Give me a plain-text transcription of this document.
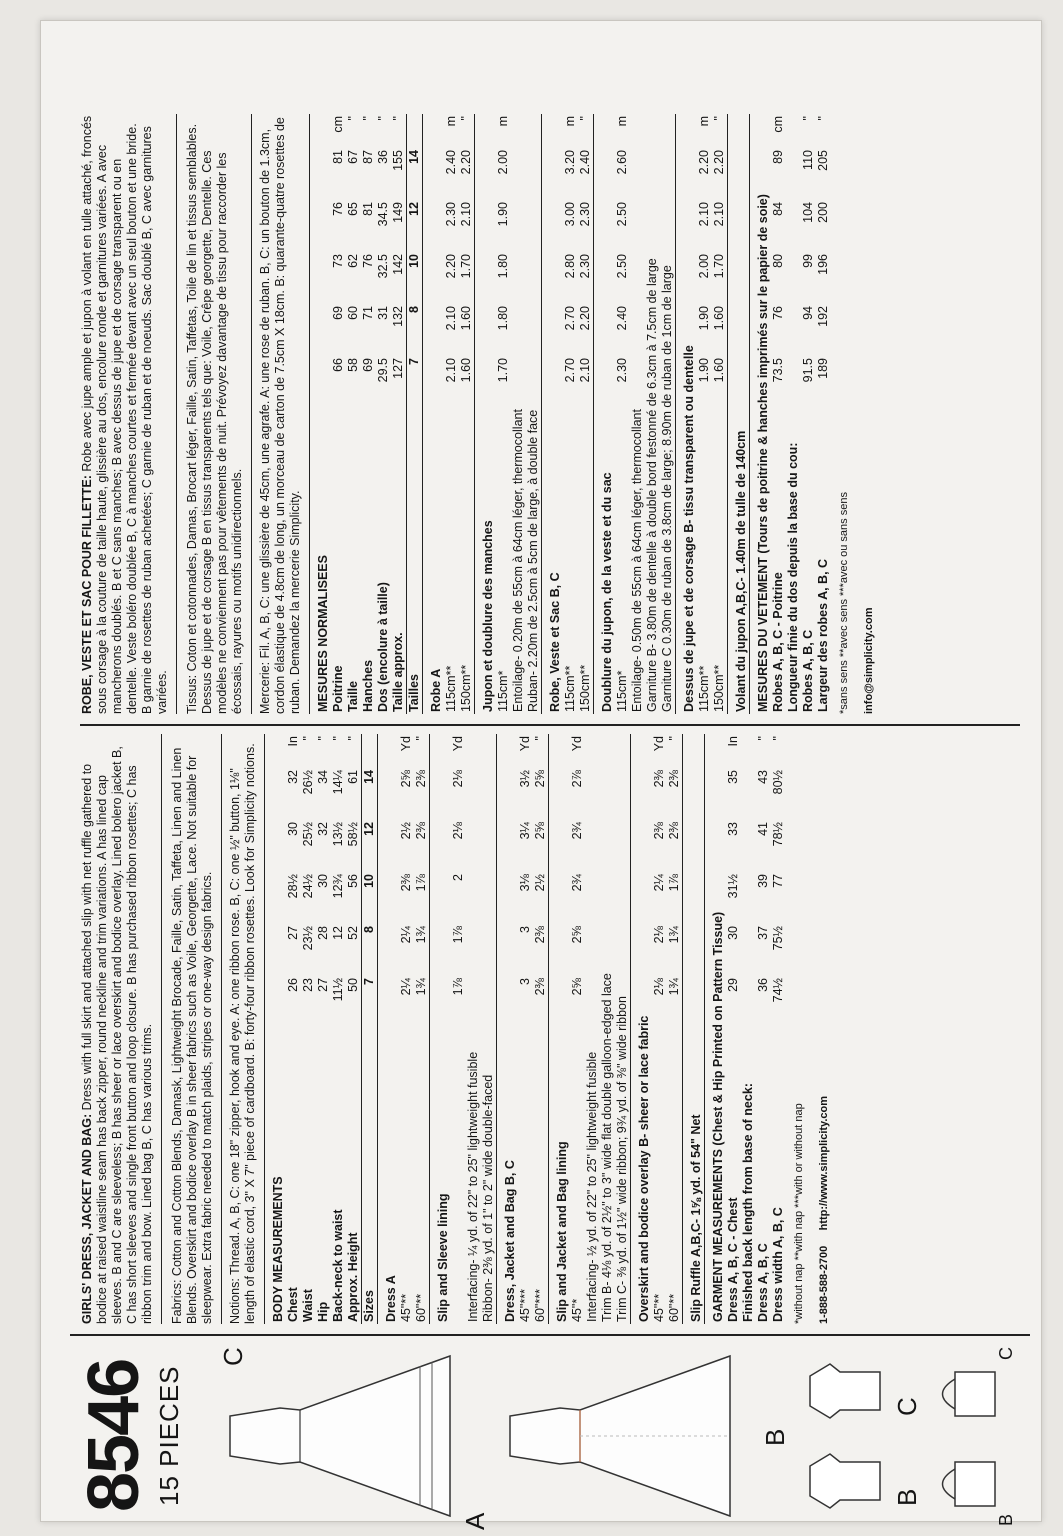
8546 15 PIECES
A
C
B
B
C
B
C
GIRLS' DRESS, JACKET AND BAG: Dress with full skirt and attached slip with net ruffle gathered to bodice at raised waistline seam has back zipper, round neckline and trim variations. A has lined cap sleeves. B and C are sleeveless; B has sheer or lace overskirt and bodice overlay. Lined bolero jacket B, C has short sleeves and single front button and loop closure. B has purchased ribbon rosettes; C has ribbon trim and bow. Lined bag B, C has various trims.	Fabrics: Cotton and Cotton Blends, Damask, Lightweight Brocade, Faille, Satin, Taffeta, Linen and Linen Blends. Overskirt and bodice overlay B in sheer fabrics such as Voile, Georgette, Lace. Not suitable for sleepwear. Extra fabric needed to match plaids, stripes or one-way design fabrics.	Notions: Thread. A, B, C: one 18" zipper, hook and eye. A: one ribbon rose. B, C: one ½" button, 1⅛" length of elastic cord, 3" X 7" piece of cardboard. B: forty-four ribbon rosettes. Look for Simplicity notions.	BODY MEASUREMENTS						
Chest	26	27	28½	30	32	In
Waist	23	23½	24½	25½	26½	"
Hip	27	28	30	32	34	"
Back-neck to waist	11½	12	12¾	13½	14¼	"
Approx. Height	50	52	56	58½	61	"
Sizes	7	8	10	12	14	
Dress A						
45"**	2¼	2¼	2⅜	2½	2⅝	Yd
60"**	1¾	1¾	1⅞	2⅜	2⅜	"
Slip and Sleeve lining						
	1⅞	1⅞	2	2⅛	2⅛	Yd
Interfacing- ¼ yd. of 22" to 25" lightweight fusible						
Ribbon- 2⅜ yd. of 1" to 2" wide double-faced						
Dress, Jacket and Bag B, C						
45"***	3	3	3⅛	3¼	3½	Yd
60"***	2⅜	2⅜	2½	2⅝	2⅝	"
Slip and Jacket and Bag lining						
45"*	2⅝	2⅝	2¾	2¾	2⅞	Yd
Interfacing- ½ yd. of 22" to 25" lightweight fusible						
Trim B- 4⅛ yd. of 2½" to 3" wide flat double galloon-edged lace						
Trim C- ⅜ yd. of 1½" wide ribbon; 9¾ yd. of ⅜" wide ribbon						
Overskirt and bodice overlay B- sheer or lace fabric						
45"**	2⅛	2⅛	2¼	2⅜	2⅜	Yd
60"**	1¾	1¾	1⅞	2⅜	2⅜	"
Slip Ruffle A,B,C- 1⅝ yd. of 54" Net						
GARMENT MEASUREMENTS (Chest & Hip Printed on Pattern Tissue)						
Dress A, B, C - Chest	29	30	31½	33	35	In
Finished back length from base of neck:						
Dress A, B, C	36	37	39	41	43	"
Dress width A, B, C	74½	75½	77	78½	80½	"
*without nap **with nap ***with or without nap 1-888-588-2700     http://www.simplicity.com
ROBE, VESTE ET SAC POUR FILLETTE: Robe avec jupe ample et jupon à volant en tulle attaché, froncés sous corsage à la couture de taille haute, glissière au dos, encolure ronde et garnitures variées. A avec mancherons doublés. B et C sans manches; B avec dessus de jupe et de corsage transparent ou en dentelle. Veste boléro doublée B, C à manches courtes et fermée devant avec un seul bouton et une bride. B garnie de rosettes de ruban achetées; C garnie de ruban et de noeuds. Sac doublé B, C avec garnitures variées.	Tissus: Coton et cotonnades, Damas, Brocart léger, Faille, Satin, Taffetas, Toile de lin et tissus semblables. Dessus de jupe et de corsage B en tissus transparents tels que: Voile, Crêpe georgette, Dentelle. Ces modèles ne conviennent pas pour vêtements de nuit. Prévoyez davantage de tissu pour raccorder les écossais, rayures ou motifs unidirectionnels.	Mercerie: Fil. A, B, C: une glissière de 45cm, une agrafe. A: une rose de ruban. B, C: un bouton de 1.3cm, cordon élastique de 4.8cm de long, un morceau de carton de 7.5cm X 18cm. B: quarante-quatre rosettes de ruban. Demandez la mercerie Simplicity.	MESURES NORMALISEES						
Poitrine	66	69	73	76	81	cm
Taille	58	60	62	65	67	"
Hanches	69	71	76	81	87	"
Dos (encolure à taille)	29.5	31	32.5	34.5	36	"
Taille approx.	127	132	142	149	155	"
Tailles	7	8	10	12	14	
Robe A						
115cm**	2.10	2.10	2.20	2.30	2.40	m
150cm**	1.60	1.60	1.70	2.10	2.20	"
Jupon et doublure des manches						
115cm*	1.70	1.80	1.80	1.90	2.00	m
Entoilage- 0.20m de 55cm à 64cm léger, thermocollant						
Ruban- 2.20m de 2.5cm à 5cm de large, à double face						
Robe, Veste et Sac B, C						
115cm**	2.70	2.70	2.80	3.00	3.20	m
150cm**	2.10	2.20	2.30	2.30	2.40	"
Doublure du jupon, de la veste et du sac						
115cm*	2.30	2.40	2.50	2.50	2.60	m
Entoilage- 0.50m de 55cm à 64cm léger, thermocollant						
Garniture B- 3.80m de dentelle à double bord festonné de 6.3cm à 7.5cm de large						
Garniture C 0.30m de ruban de 3.8cm de large; 8.90m de ruban de 1cm de large						
Dessus de jupe et de corsage B- tissu transparent ou dentelle						
115cm**	1.90	1.90	2.00	2.10	2.20	m
150cm**	1.60	1.60	1.70	2.10	2.20	"
Volant du jupon A,B,C- 1.40m de tulle de 140cm						
MESURES DU VETEMENT (Tours de poitrine & hanches imprimés sur le papier de soie)						
Robes A, B, C - Poitrine	73.5	76	80	84	89	cm
Longueur finie du dos depuis la base du cou:						
Robes A, B, C	91.5	94	99	104	110	"
Largeur des robes A, B, C	189	192	196	200	205	"
*sans sens **avec sens ***avec ou sans sens info@simplicity.com
